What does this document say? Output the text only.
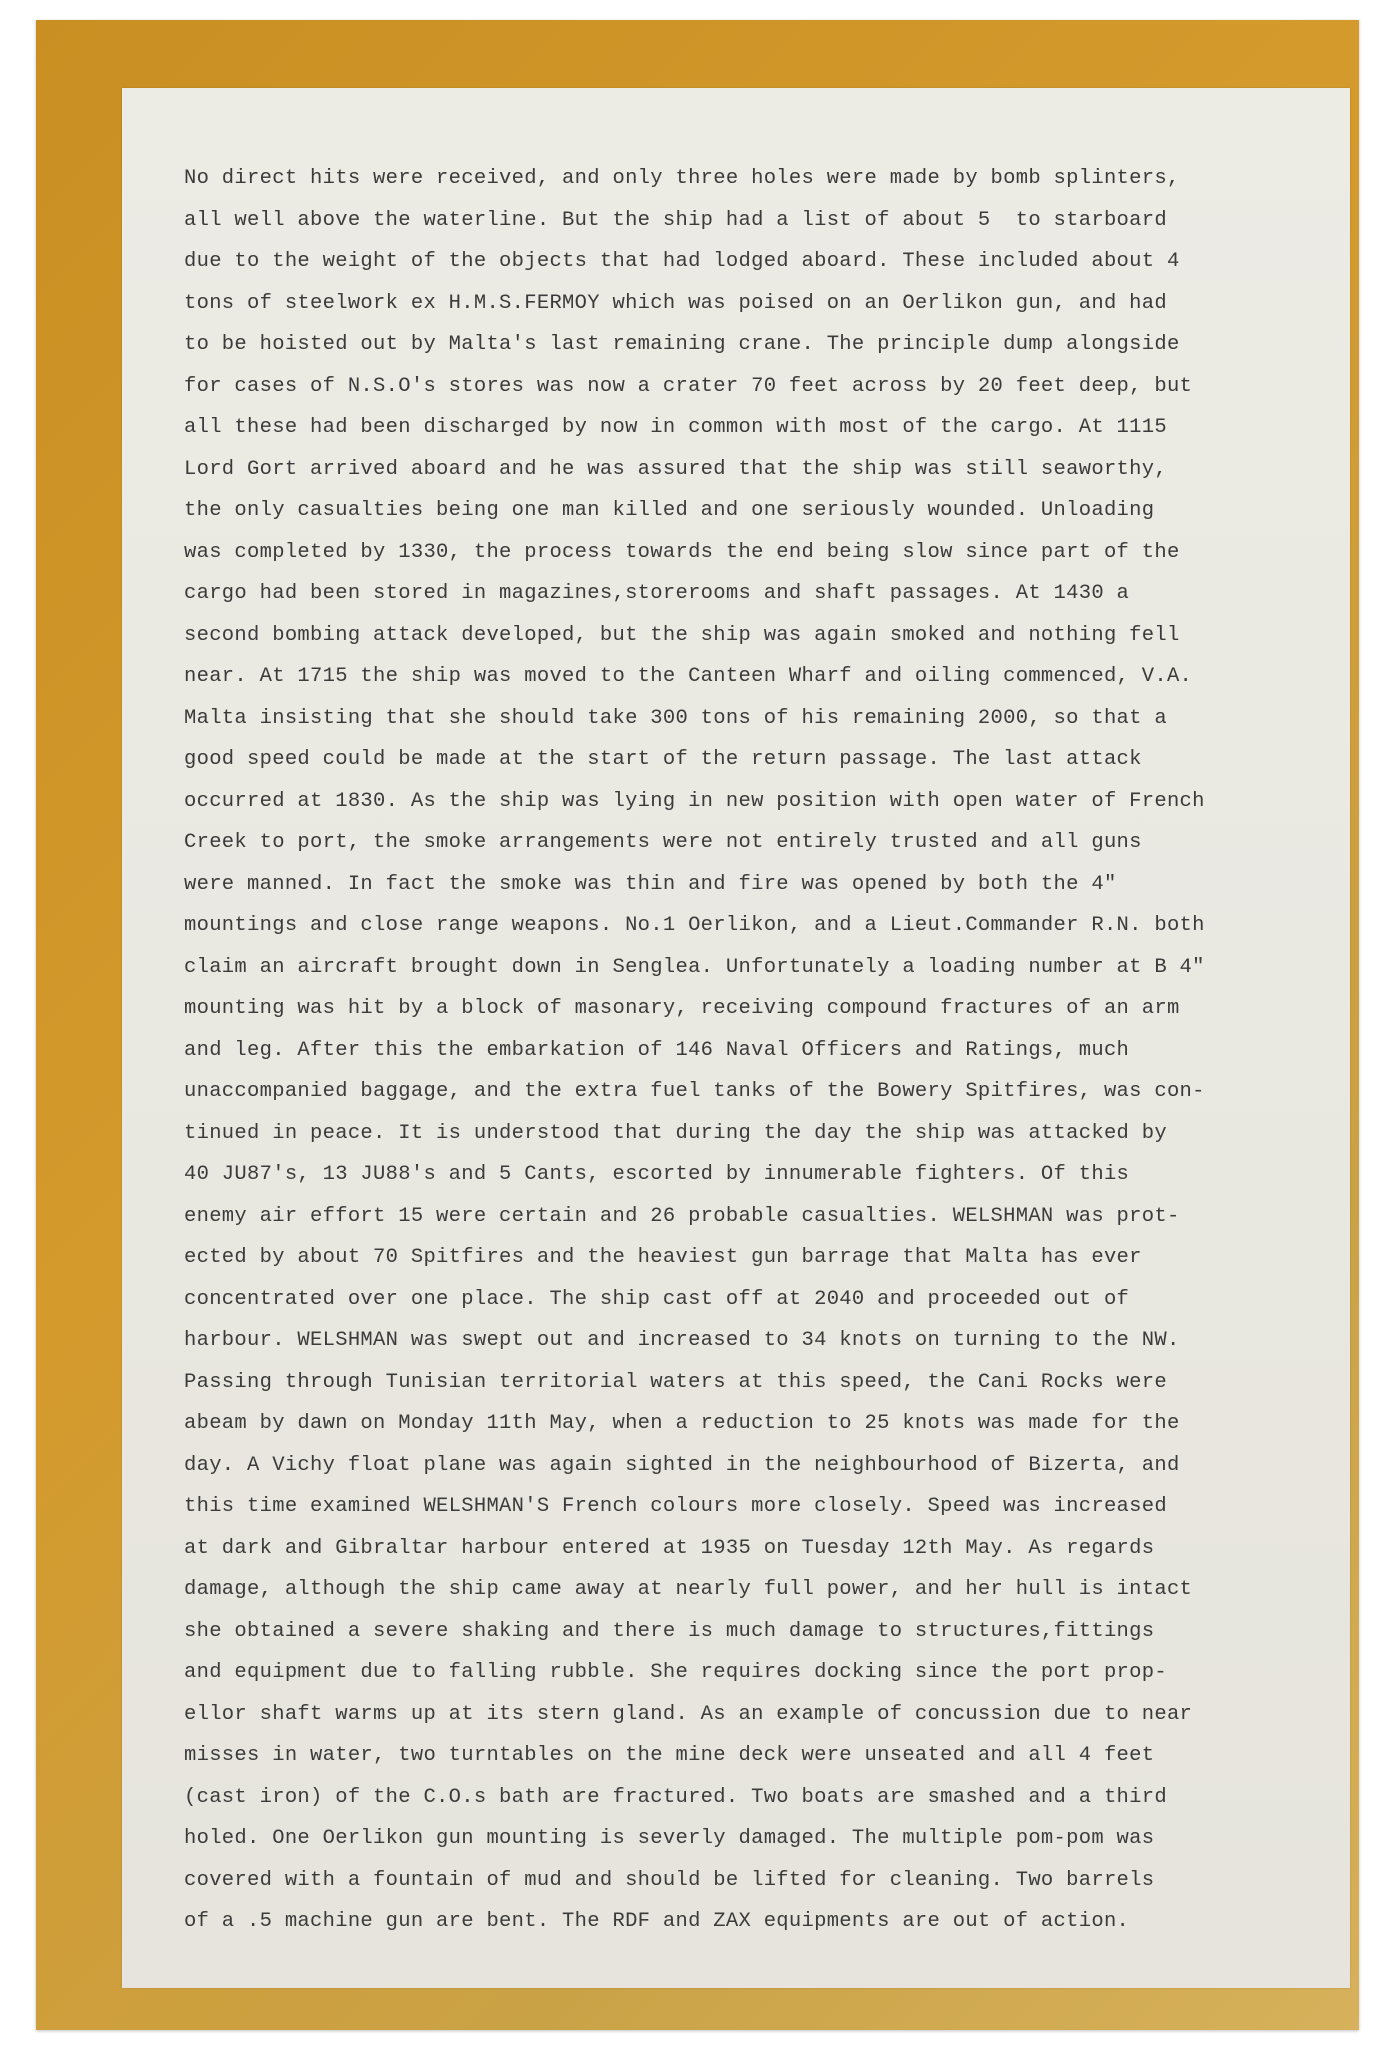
No direct hits were received, and only three holes were made by bomb splinters,
all well above the waterline. But the ship had a list of about 5  to starboard
due to the weight of the objects that had lodged aboard. These included about 4
tons of steelwork ex H.M.S.FERMOY which was poised on an Oerlikon gun, and had
to be hoisted out by Malta's last remaining crane. The principle dump alongside
for cases of N.S.O's stores was now a crater 70 feet across by 20 feet deep, but
all these had been discharged by now in common with most of the cargo. At 1115
Lord Gort arrived aboard and he was assured that the ship was still seaworthy,
the only casualties being one man killed and one seriously wounded. Unloading
was completed by 1330, the process towards the end being slow since part of the
cargo had been stored in magazines,storerooms and shaft passages. At 1430 a
second bombing attack developed, but the ship was again smoked and nothing fell
near. At 1715 the ship was moved to the Canteen Wharf and oiling commenced, V.A.
Malta insisting that she should take 300 tons of his remaining 2000, so that a
good speed could be made at the start of the return passage. The last attack
occurred at 1830. As the ship was lying in new position with open water of French
Creek to port, the smoke arrangements were not entirely trusted and all guns
were manned. In fact the smoke was thin and fire was opened by both the 4"
mountings and close range weapons. No.1 Oerlikon, and a Lieut.Commander R.N. both
claim an aircraft brought down in Senglea. Unfortunately a loading number at B 4"
mounting was hit by a block of masonary, receiving compound fractures of an arm
and leg. After this the embarkation of 146 Naval Officers and Ratings, much
unaccompanied baggage, and the extra fuel tanks of the Bowery Spitfires, was con-
tinued in peace. It is understood that during the day the ship was attacked by
40 JU87's, 13 JU88's and 5 Cants, escorted by innumerable fighters. Of this
enemy air effort 15 were certain and 26 probable casualties. WELSHMAN was prot-
ected by about 70 Spitfires and the heaviest gun barrage that Malta has ever
concentrated over one place. The ship cast off at 2040 and proceeded out of
harbour. WELSHMAN was swept out and increased to 34 knots on turning to the NW.
Passing through Tunisian territorial waters at this speed, the Cani Rocks were
abeam by dawn on Monday 11th May, when a reduction to 25 knots was made for the
day. A Vichy float plane was again sighted in the neighbourhood of Bizerta, and
this time examined WELSHMAN'S French colours more closely. Speed was increased
at dark and Gibraltar harbour entered at 1935 on Tuesday 12th May. As regards
damage, although the ship came away at nearly full power, and her hull is intact
she obtained a severe shaking and there is much damage to structures,fittings
and equipment due to falling rubble. She requires docking since the port prop-
ellor shaft warms up at its stern gland. As an example of concussion due to near
misses in water, two turntables on the mine deck were unseated and all 4 feet
(cast iron) of the C.O.s bath are fractured. Two boats are smashed and a third
holed. One Oerlikon gun mounting is severly damaged. The multiple pom-pom was
covered with a fountain of mud and should be lifted for cleaning. Two barrels
of a .5 machine gun are bent. The RDF and ZAX equipments are out of action.
